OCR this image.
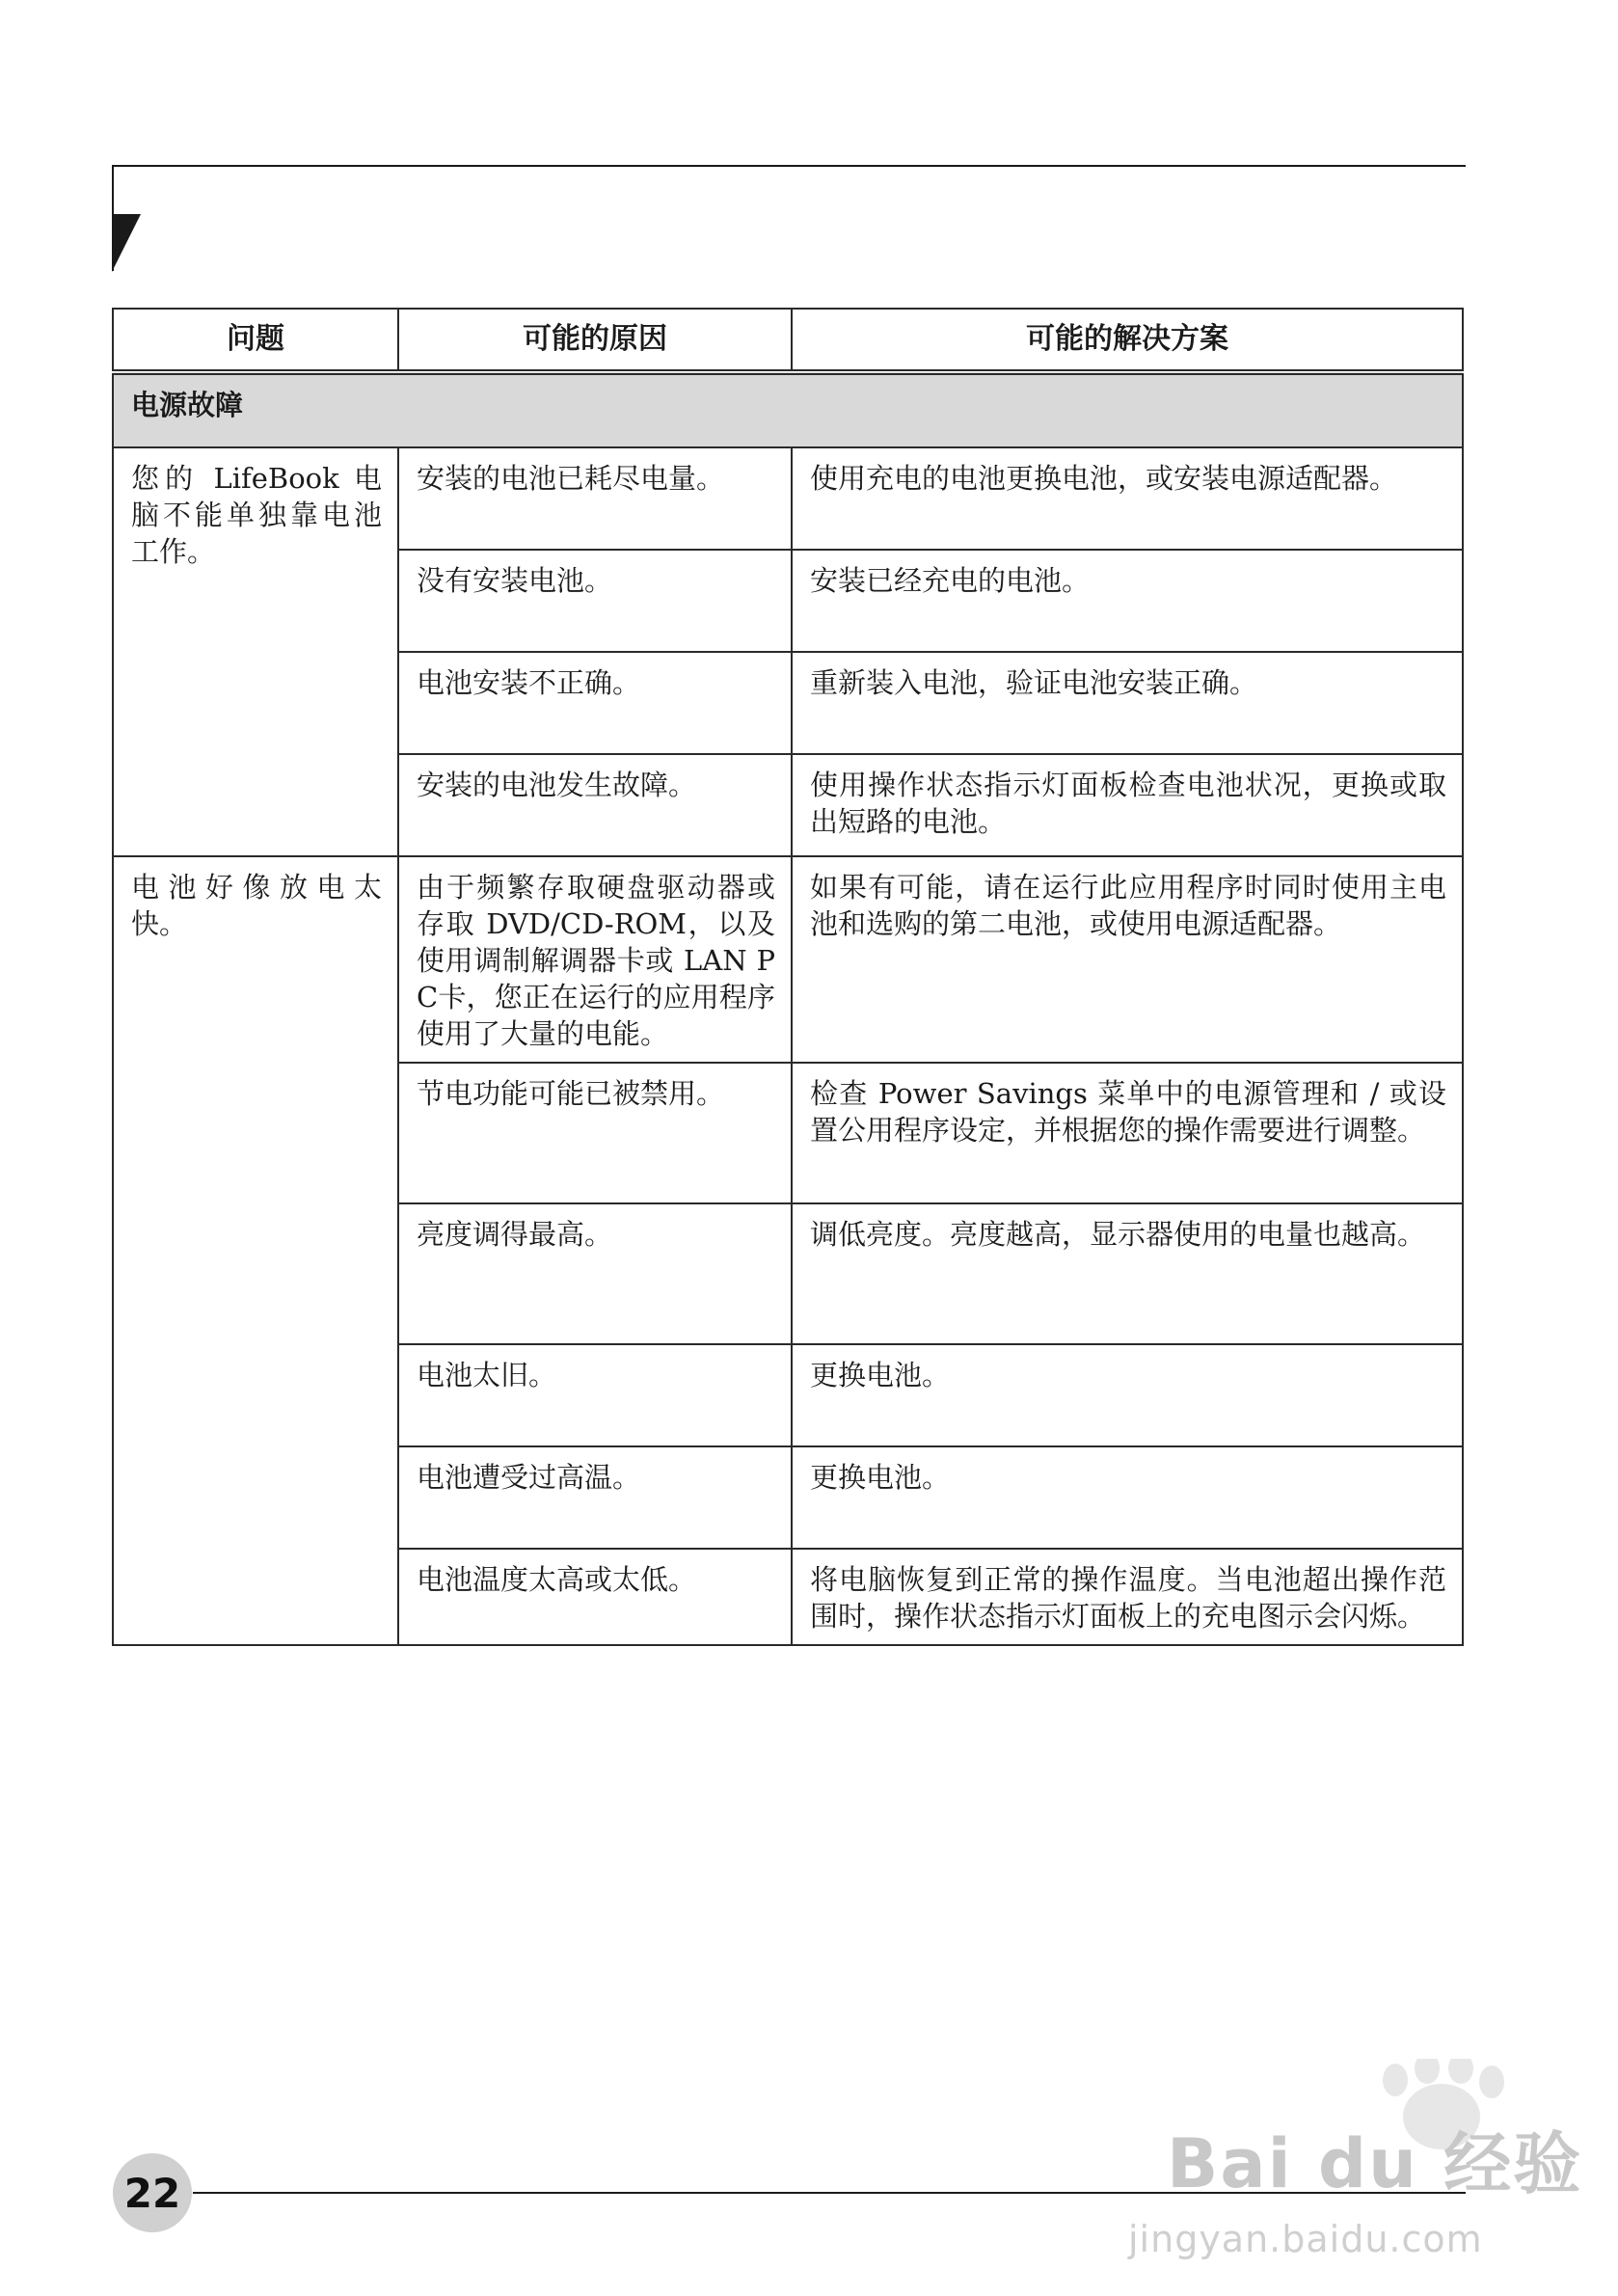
问题	可能的原因	可能的解决方案
电源故障		
您的 LifeBook 电脑不能单独靠电池工作。	安装的电池已耗尽电量。	使用充电的电池更换电池，或安装电源适配器。
	没有安装电池。	安装已经充电的电池。
	电池安装不正确。	重新装入电池，验证电池安装正确。
	安装的电池发生故障。	使用操作状态指示灯面板检查电池状况，更换或取出短路的电池。
电池好像放电太快。	由于频繁存取硬盘驱动器或存取 DVD/CD-ROM，以及使用调制解调器卡或 LAN PC卡，您正在运行的应用程序使用了大量的电能。	如果有可能，请在运行此应用程序时同时使用主电池和选购的第二电池，或使用电源适配器。
	节电功能可能已被禁用。	检查 Power Savings 菜单中的电源管理和 / 或设置公用程序设定，并根据您的操作需要进行调整。
	亮度调得最高。	调低亮度。亮度越高，显示器使用的电量也越高。
	电池太旧。	更换电池。
	电池遭受过高温。	更换电池。
	电池温度太高或太低。	将电脑恢复到正常的操作温度。当电池超出操作范围时，操作状态指示灯面板上的充电图示会闪烁。
22	Bai du 经验
jingyan.baidu.com
